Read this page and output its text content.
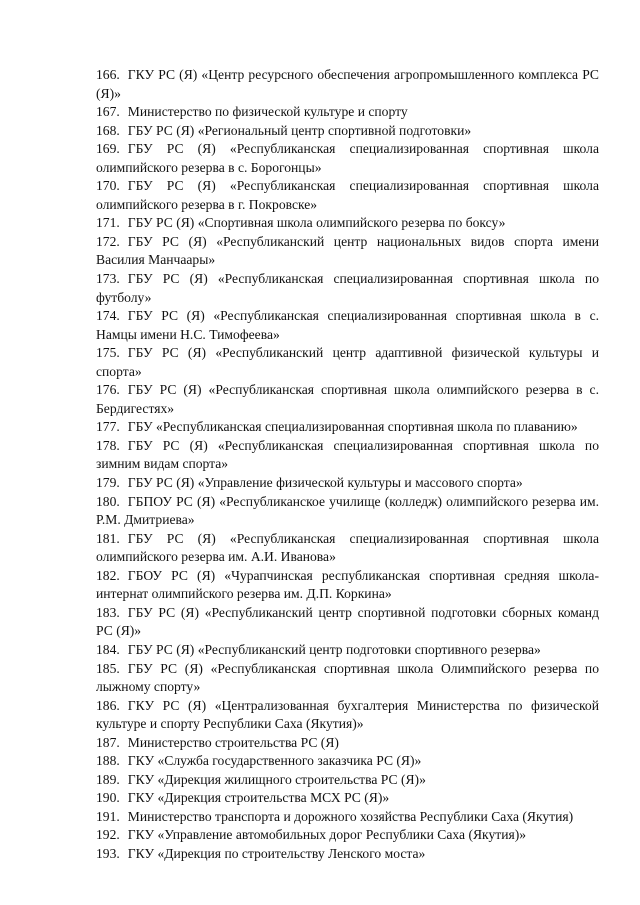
166. ГКУ РС (Я) «Центр ресурсного обеспечения агропромышленного комплекса РС (Я)»

167. Министерство по физической культуре и спорту

168. ГБУ РС (Я) «Региональный центр спортивной подготовки»

169. ГБУ РС (Я) «Республиканская специализированная спортивная школа олимпийского резерва в с. Борогонцы»

170. ГБУ РС (Я) «Республиканская специализированная спортивная школа олимпийского резерва в г. Покровске»

171. ГБУ РС (Я) «Спортивная школа олимпийского резерва по боксу»

172. ГБУ РС (Я) «Республиканский центр национальных видов спорта имени Василия Манчаары»

173. ГБУ РС (Я) «Республиканская специализированная спортивная школа по футболу»

174. ГБУ РС (Я) «Республиканская специализированная спортивная школа в с. Намцы имени Н.С. Тимофеева»

175. ГБУ РС (Я) «Республиканский центр адаптивной физической культуры и спорта»

176. ГБУ РС (Я) «Республиканская спортивная школа олимпийского резерва в с. Бердигестях»

177. ГБУ «Республиканская специализированная спортивная школа по плаванию»

178. ГБУ РС (Я) «Республиканская специализированная спортивная школа по зимним видам спорта»

179. ГБУ РС (Я) «Управление физической культуры и массового спорта»

180. ГБПОУ РС (Я) «Республиканское училище (колледж) олимпийского резерва им. Р.М. Дмитриева»

181. ГБУ РС (Я) «Республиканская специализированная спортивная школа олимпийского резерва им. А.И. Иванова»

182. ГБОУ РС (Я) «Чурапчинская республиканская спортивная средняя школа-интернат олимпийского резерва им. Д.П. Коркина»

183. ГБУ РС (Я) «Республиканский центр спортивной подготовки сборных команд РС (Я)»

184. ГБУ РС (Я) «Республиканский центр подготовки спортивного резерва»

185. ГБУ РС (Я) «Республиканская спортивная школа Олимпийского резерва по лыжному спорту»

186. ГКУ РС (Я) «Централизованная бухгалтерия Министерства по физической культуре и спорту Республики Саха (Якутия)»

187. Министерство строительства РС (Я)

188. ГКУ «Служба государственного заказчика РС (Я)»

189. ГКУ «Дирекция жилищного строительства РС (Я)»

190. ГКУ «Дирекция строительства МСХ РС (Я)»

191. Министерство транспорта и дорожного хозяйства Республики Саха (Якутия)

192. ГКУ «Управление автомобильных дорог Республики Саха (Якутия)»

193. ГКУ «Дирекция по строительству Ленского моста»
